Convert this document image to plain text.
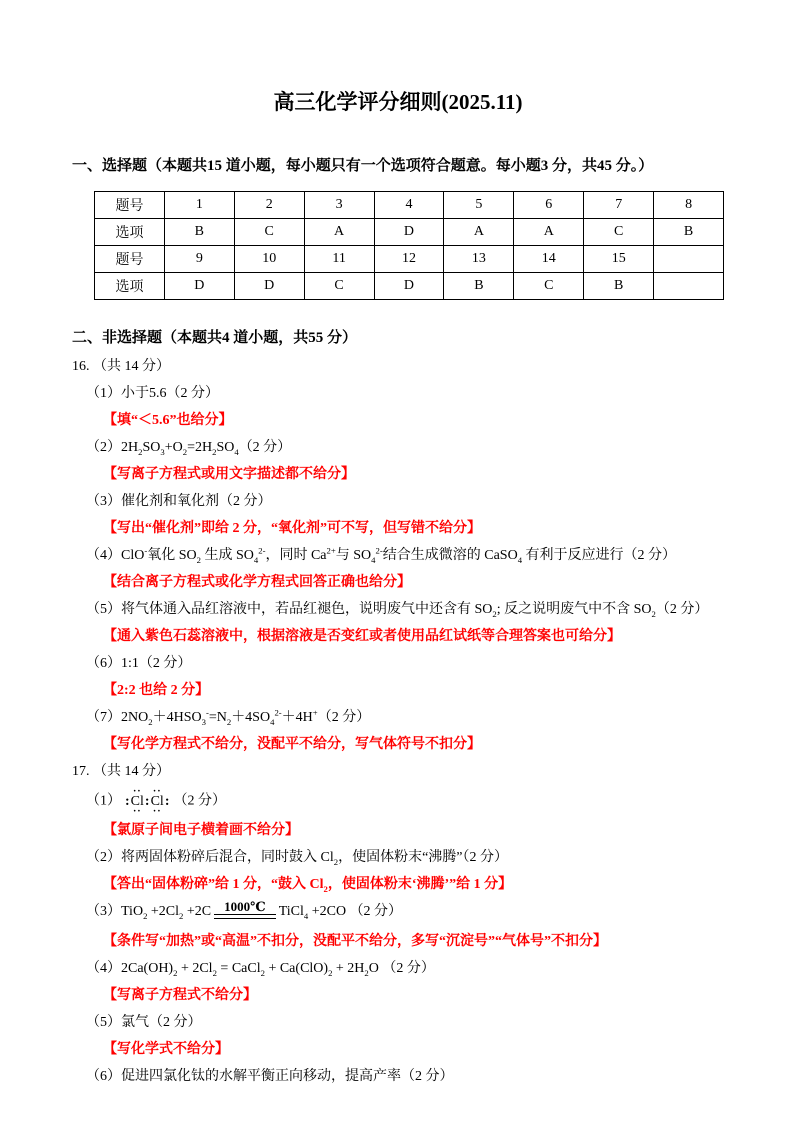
高三化学评分细则(2025.11)
一、选择题（本题共15 道小题，每小题只有一个选项符合题意。每小题3 分，共45 分。）
题号	1	2	3	4	5	6	7	8
选项	B	C	A	D	A	A	C	B
题号	9	10	11	12	13	14	15	
选项	D	D	C	D	B	C	B	
二、非选择题（本题共4 道小题，共55 分）
16. （共 14 分）
（1）小于5.6（2 分）
【填“＜5.6”也给分】
$(2)2H_2SO_3+O_2=2H_2SO_4(2$ 分）
【写离子方程式或用文字描述都不给分】
（3）催化剂和氧化剂（2 分）
【写出“催化剂”即给 2 分，“氧化剂”可不写，但写错不给分】
（4）ClO-氧化 $SO_2$ 生成 $SO_4^{2-}$，同时 $Ca^{2+}$与 $SO_4^{2-}$结合生成微溶的 CaSO$_4$ 有利于反应进行（2 分）
【结合离子方程式或化学方程式回答正确也给分】
（5）将气体通入品红溶液中，若品红褪色，说明废气中还含有 $SO_2$; 反之说明废气中不含 $SO_2(2$ 分）
【通入紫色石蕊溶液中，根据溶液是否变红或者使用品红试纸等合理答案也可给分】
（6）1:1（2 分）
【2:2 也给 2 分】
$(7)2NO_2+4HSO_3^-=N_2+4SO_4^{2-}+4H^+(2$ 分）
【写化学方程式不给分，没配平不给分，写气体符号不扣分】
17. （共 14 分）
（1） :
··
Cl
··
:
··
Cl
··
: （2 分）
【氯原子间电子横着画不给分】
（2）将两固体粉碎后混合，同时鼓入 $Cl_2$，使固体粉末“沸腾”（2 分）
【答出“固体粉碎”给 1 分，“鼓入 $Cl_2$，使固体粉末‘沸腾’”给 1 分】
$(3)TiO_2 +2Cl_2 +2C$	1000℃ TiCl$_4$ +2CO （2 分）
【条件写“加热”或“高温”不扣分，没配平不给分，多写“沉淀号”“气体号”不扣分】
$(4)2Ca(OH)_2 + 2Cl_2$ = CaCl$_2$ + $Ca(ClO)_2 + 2H_2O$ （2 分）
【写离子方程式不给分】
（5）氯气（2 分）
【写化学式不给分】
（6）促进四氯化钛的水解平衡正向移动，提高产率（2 分）
